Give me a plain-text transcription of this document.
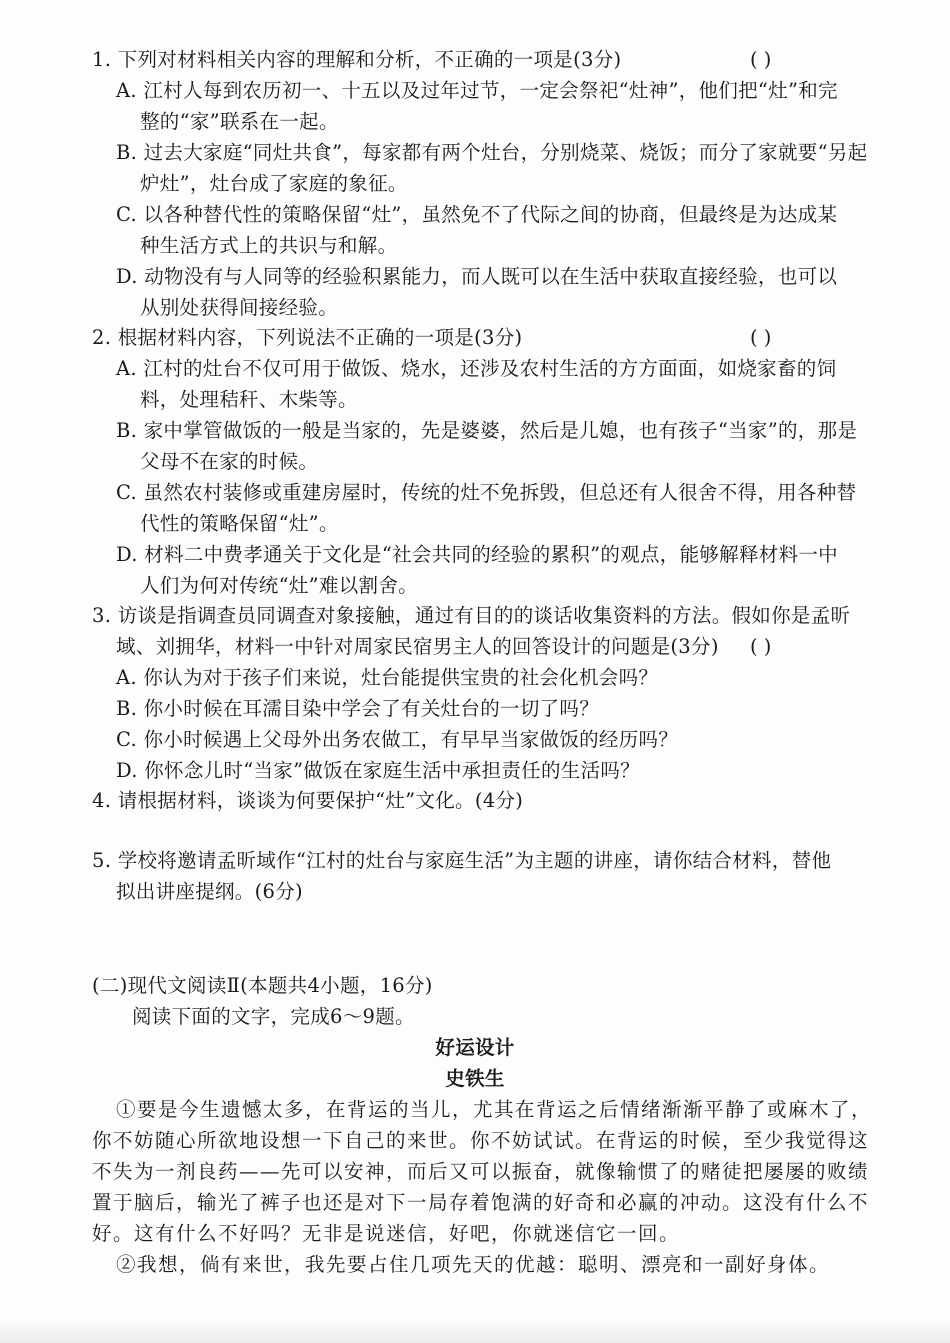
1. 下列对材料相关内容的理解和分析，不正确的一项是(3分)	( )
A. 江村人每到农历初一、十五以及过年过节，一定会祭祀“灶神”，他们把“灶”和完
整的“家”联系在一起。
B. 过去大家庭“同灶共食”，每家都有两个灶台，分别烧菜、烧饭；而分了家就要“另起
炉灶”，灶台成了家庭的象征。
C. 以各种替代性的策略保留“灶”，虽然免不了代际之间的协商，但最终是为达成某
种生活方式上的共识与和解。
D. 动物没有与人同等的经验积累能力，而人既可以在生活中获取直接经验，也可以
从别处获得间接经验。
2. 根据材料内容，下列说法不正确的一项是(3分)	( )
A. 江村的灶台不仅可用于做饭、烧水，还涉及农村生活的方方面面，如烧家畜的饲
料，处理秸秆、木柴等。
B. 家中掌管做饭的一般是当家的，先是婆婆，然后是儿媳，也有孩子“当家”的，那是
父母不在家的时候。
C. 虽然农村装修或重建房屋时，传统的灶不免拆毁，但总还有人很舍不得，用各种替
代性的策略保留“灶”。
D. 材料二中费孝通关于文化是“社会共同的经验的累积”的观点，能够解释材料一中
人们为何对传统“灶”难以割舍。
3. 访谈是指调查员同调查对象接触，通过有目的的谈话收集资料的方法。假如你是孟昕
域、刘拥华，材料一中针对周家民宿男主人的回答设计的问题是(3分) ( )
A. 你认为对于孩子们来说，灶台能提供宝贵的社会化机会吗？
B. 你小时候在耳濡目染中学会了有关灶台的一切了吗？
C. 你小时候遇上父母外出务农做工，有早早当家做饭的经历吗？
D. 你怀念儿时“当家”做饭在家庭生活中承担责任的生活吗？
4. 请根据材料，谈谈为何要保护“灶”文化。(4分)
5. 学校将邀请孟昕域作“江村的灶台与家庭生活”为主题的讲座，请你结合材料，替他
拟出讲座提纲。(6分)
(二)现代文阅读Ⅱ(本题共4小题，16分)
阅读下面的文字，完成6～9题。
好运设计
史铁生
①要是今生遗憾太多，在背运的当儿，尤其在背运之后情绪渐渐平静了或麻木了，
你不妨随心所欲地设想一下自己的来世。你不妨试试。在背运的时候，至少我觉得这
不失为一剂良药——先可以安神，而后又可以振奋，就像输惯了的赌徒把屡屡的败绩
置于脑后，输光了裤子也还是对下一局存着饱满的好奇和必赢的冲动。这没有什么不
好。这有什么不好吗？无非是说迷信，好吧，你就迷信它一回。
②我想，倘有来世，我先要占住几项先天的优越：聪明、漂亮和一副好身体。
